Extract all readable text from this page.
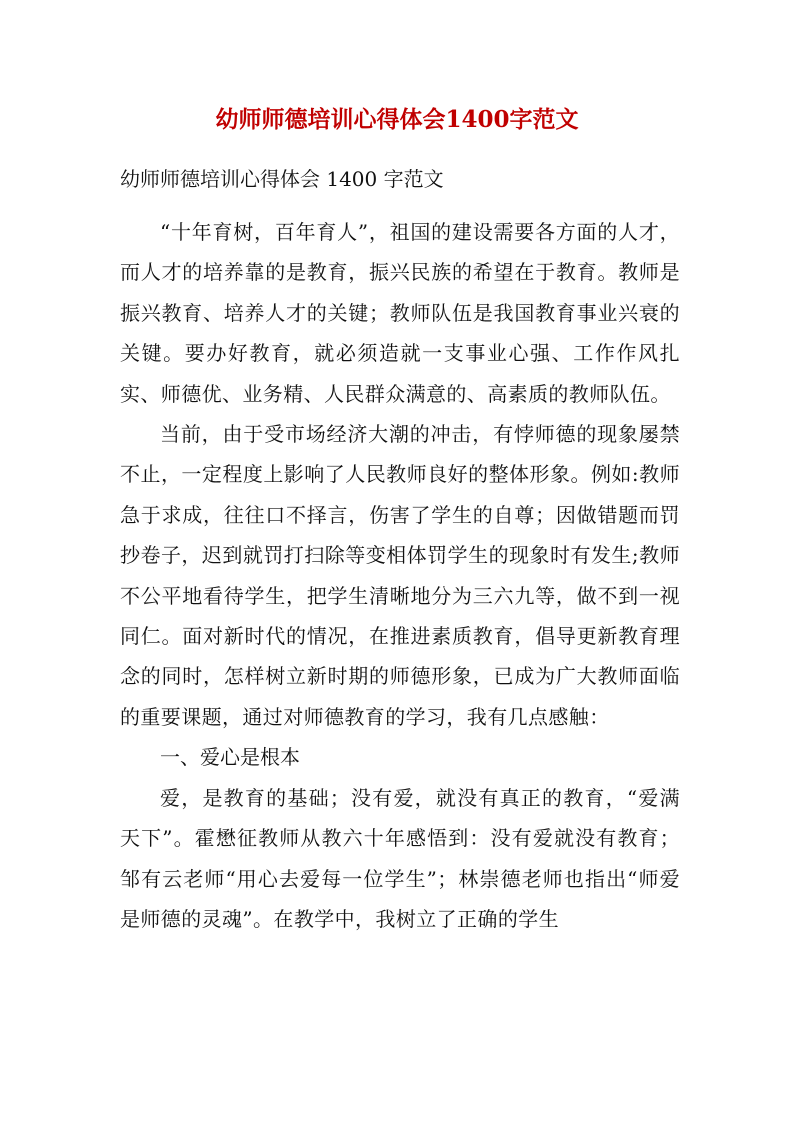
幼师师德培训心得体会1400字范文

幼师师德培训心得体会 1400 字范文

“十年育树，百年育人”，祖国的建设需要各方面的人才，而人才的培养靠的是教育，振兴民族的希望在于教育。教师是振兴教育、培养人才的关键；教师队伍是我国教育事业兴衰的关键。要办好教育，就必须造就一支事业心强、工作作风扎实、师德优、业务精、人民群众满意的、高素质的教师队伍。

当前，由于受市场经济大潮的冲击，有悖师德的现象屡禁不止，一定程度上影响了人民教师良好的整体形象。例如:教师急于求成，往往口不择言，伤害了学生的自尊；因做错题而罚抄卷子，迟到就罚打扫除等变相体罚学生的现象时有发生;教师不公平地看待学生，把学生清晰地分为三六九等，做不到一视同仁。面对新时代的情况，在推进素质教育，倡导更新教育理念的同时，怎样树立新时期的师德形象，已成为广大教师面临的重要课题，通过对师德教育的学习，我有几点感触：

一、爱心是根本

爱，是教育的基础；没有爱，就没有真正的教育，“爱满天下”。霍懋征教师从教六十年感悟到：没有爱就没有教育；邹有云老师“用心去爱每一位学生”；林崇德老师也指出“师爱是师德的灵魂”。在教学中，我树立了正确的学生
